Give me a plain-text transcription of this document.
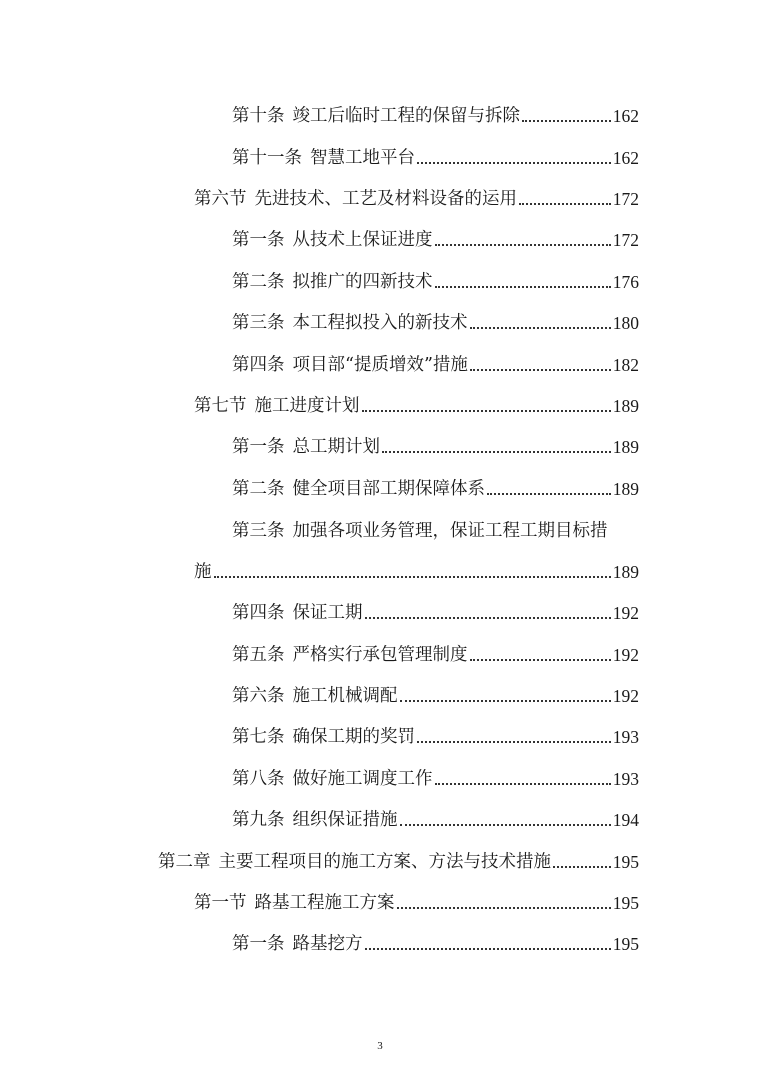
第十条 竣工后临时工程的保留与拆除	162
第十一条 智慧工地平台	162
第六节 先进技术、工艺及材料设备的运用	172
第一条 从技术上保证进度	172
第二条 拟推广的四新技术	176
第三条 本工程拟投入的新技术	180
第四条 项目部“提质增效”措施	182
第七节 施工进度计划	189
第一条 总工期计划	189
第二条 健全项目部工期保障体系	189
第三条 加强各项业务管理，保证工程工期目标措
施	189
第四条 保证工期	192
第五条 严格实行承包管理制度	192
第六条 施工机械调配	192
第七条 确保工期的奖罚	193
第八条 做好施工调度工作	193
第九条 组织保证措施	194
第二章 主要工程项目的施工方案、方法与技术措施	195
第一节 路基工程施工方案	195
第一条 路基挖方	195
3
